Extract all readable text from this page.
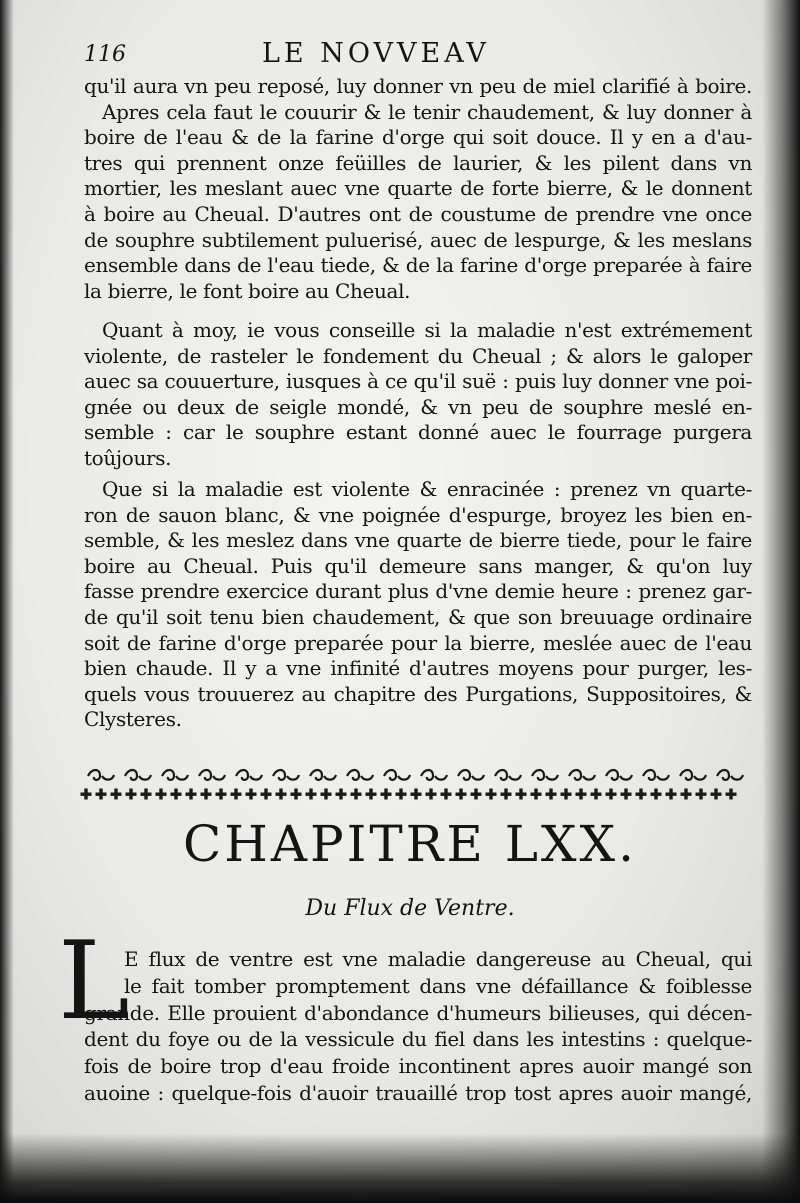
116	LE NOVVEAV
qu'il aura vn peu reposé, luy donner vn peu de miel clarifié à boire.
Apres cela faut le couurir & le tenir chaudement, & luy donner à
boire de l'eau & de la farine d'orge qui soit douce. Il y en a d'au-
tres qui prennent onze feüilles de laurier, & les pilent dans vn
mortier, les meslant auec vne quarte de forte bierre, & le donnent
à boire au Cheual. D'autres ont de coustume de prendre vne once
de souphre subtilement puluerisé, auec de lespurge, & les meslans
ensemble dans de l'eau tiede, & de la farine d'orge preparée à faire
la bierre, le font boire au Cheual.
Quant à moy, ie vous conseille si la maladie n'est extrémement
violente, de rasteler le fondement du Cheual ; & alors le galoper
auec sa couuerture, iusques à ce qu'il suë : puis luy donner vne poi-
gnée ou deux de seigle mondé, & vn peu de souphre meslé en-
semble : car le souphre estant donné auec le fourrage purgera
toûjours.
Que si la maladie est violente & enracinée : prenez vn quarte-
ron de sauon blanc, & vne poignée d'espurge, broyez les bien en-
semble, & les meslez dans vne quarte de bierre tiede, pour le faire
boire au Cheual. Puis qu'il demeure sans manger, & qu'on luy
fasse prendre exercice durant plus d'vne demie heure : prenez gar-
de qu'il soit tenu bien chaudement, & que son breuuage ordinaire
soit de farine d'orge preparée pour la bierre, meslée auec de l'eau
bien chaude. Il y a vne infinité d'autres moyens pour purger, les-
quels vous trouuerez au chapitre des Purgations, Suppositoires, &
Clysteres.
CHAPITRE LXX.
Du Flux de Ventre.
L
E flux de ventre est vne maladie dangereuse au Cheual, qui
le fait tomber promptement dans vne défaillance & foiblesse
grande. Elle prouient d'abondance d'humeurs bilieuses, qui décen-
dent du foye ou de la vessicule du fiel dans les intestins : quelque-
fois de boire trop d'eau froide incontinent apres auoir mangé son
auoine : quelque-fois d'auoir trauaillé trop tost apres auoir mangé,
